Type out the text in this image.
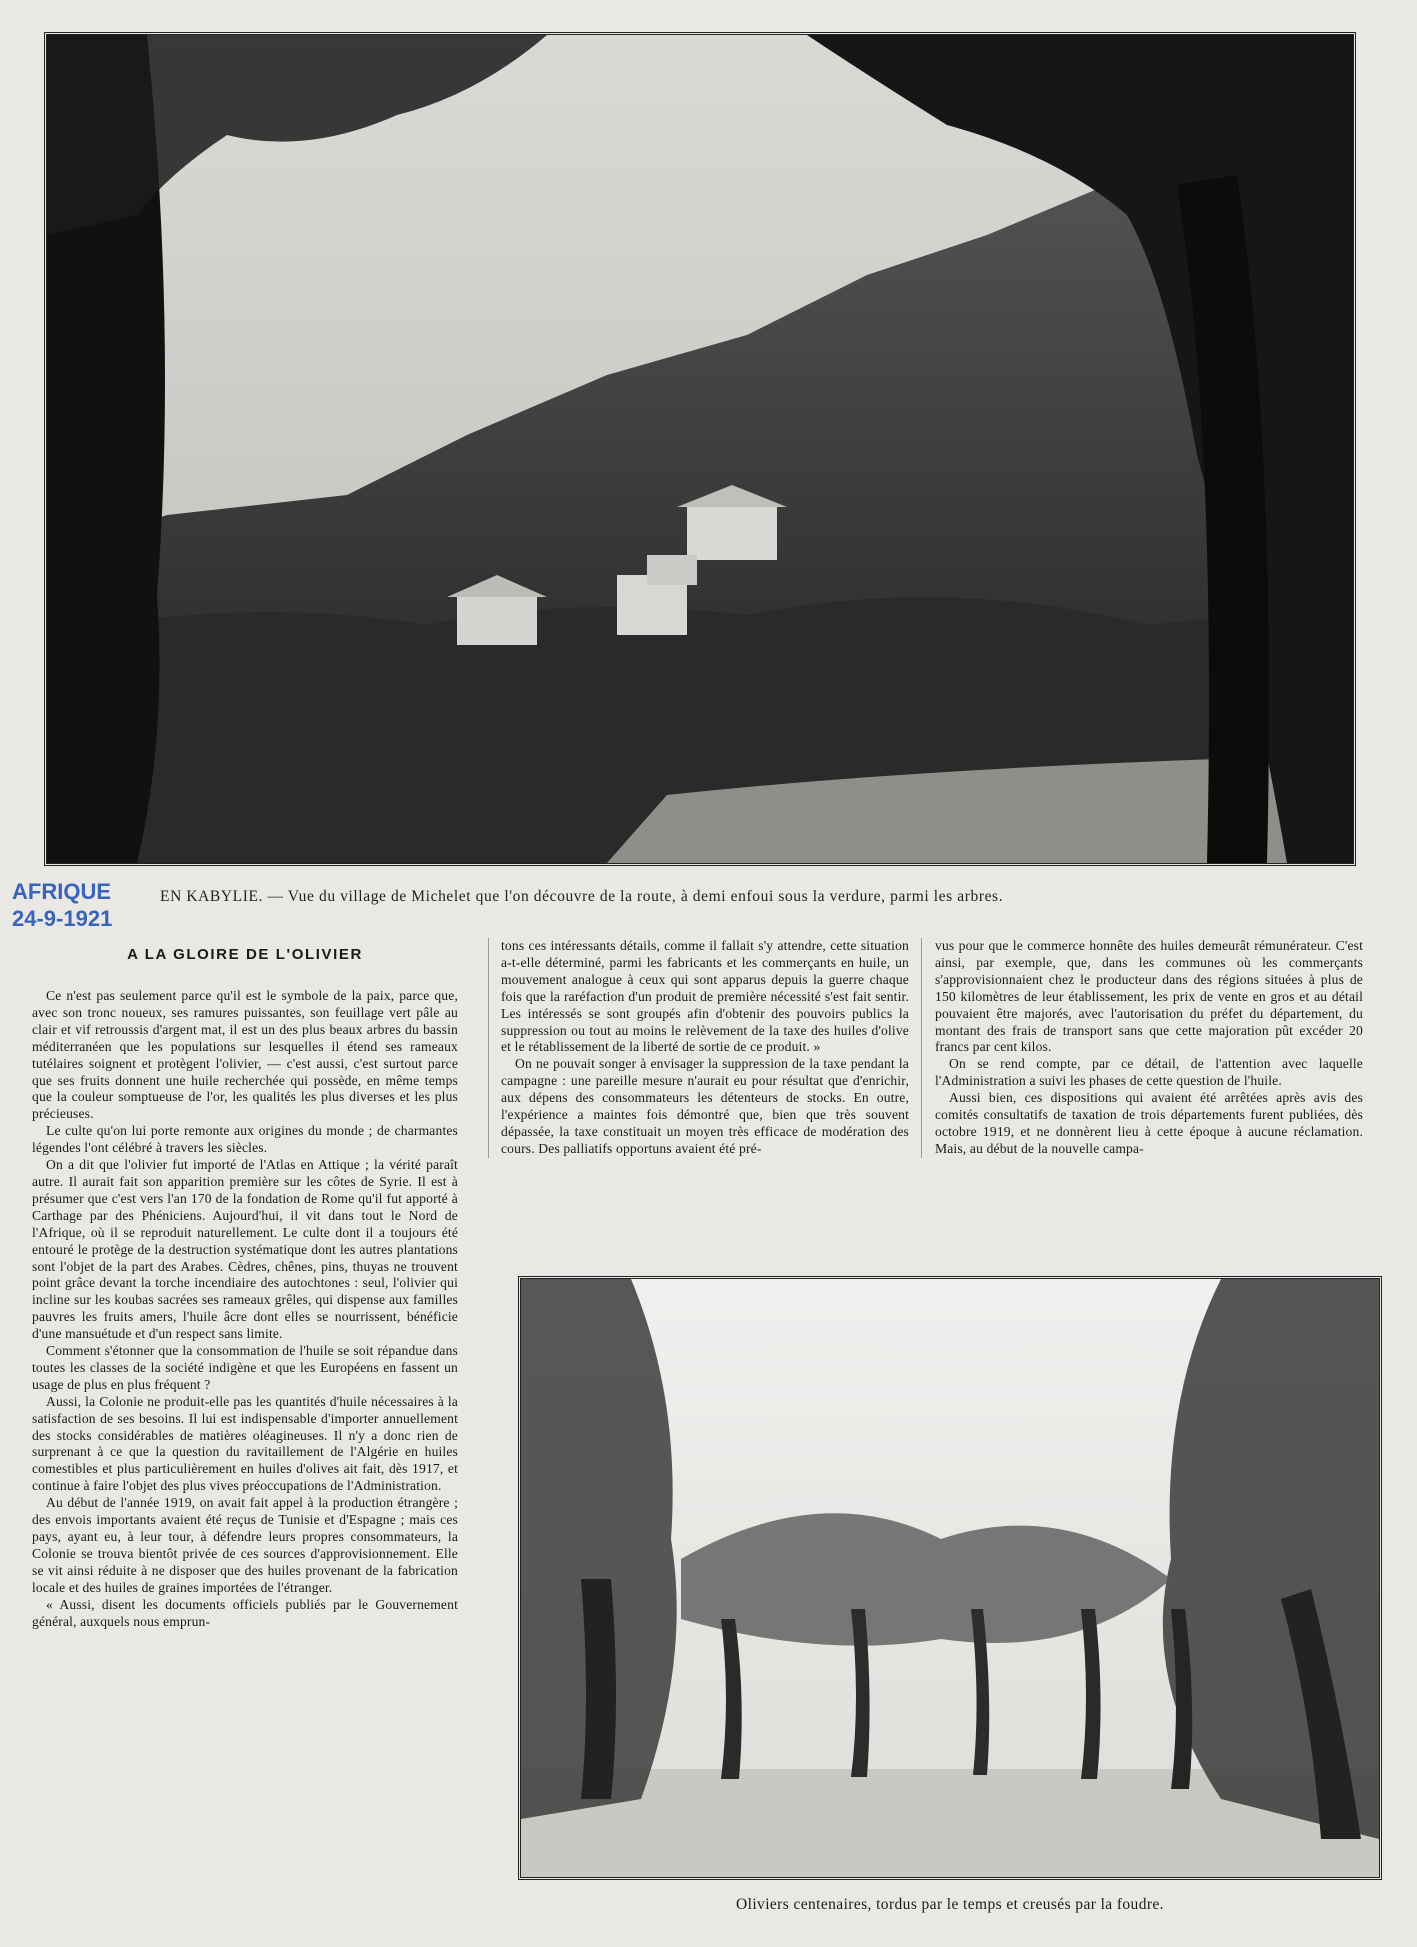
AFRIQUE
24-9-1921
EN KABYLIE. — Vue du village de Michelet que l'on découvre de la route, à demi enfoui sous la verdure, parmi les arbres.
A LA GLOIRE DE L'OLIVIER

Ce n'est pas seulement parce qu'il est le symbole de la paix, parce que, avec son tronc noueux, ses ramures puissantes, son feuillage vert pâle au clair et vif retroussis d'argent mat, il est un des plus beaux arbres du bassin méditerranéen que les populations sur lesquelles il étend ses rameaux tutélaires soignent et protègent l'olivier, — c'est aussi, c'est surtout parce que ses fruits donnent une huile recherchée qui possède, en même temps que la couleur somptueuse de l'or, les qualités les plus diverses et les plus précieuses.

Le culte qu'on lui porte remonte aux origines du monde ; de charmantes légendes l'ont célébré à travers les siècles.

On a dit que l'olivier fut importé de l'Atlas en Attique ; la vérité paraît autre. Il aurait fait son apparition première sur les côtes de Syrie. Il est à présumer que c'est vers l'an 170 de la fondation de Rome qu'il fut apporté à Carthage par des Phéniciens. Aujourd'hui, il vit dans tout le Nord de l'Afrique, où il se reproduit naturellement. Le culte dont il a toujours été entouré le protège de la destruction systématique dont les autres plantations sont l'objet de la part des Arabes. Cèdres, chênes, pins, thuyas ne trouvent point grâce devant la torche incendiaire des autochtones : seul, l'olivier qui incline sur les koubas sacrées ses rameaux grêles, qui dispense aux familles pauvres les fruits amers, l'huile âcre dont elles se nourrissent, bénéficie d'une mansuétude et d'un respect sans limite.

Comment s'étonner que la consommation de l'huile se soit répandue dans toutes les classes de la société indigène et que les Européens en fassent un usage de plus en plus fréquent ?

Aussi, la Colonie ne produit-elle pas les quantités d'huile nécessaires à la satisfaction de ses besoins. Il lui est indispensable d'importer annuellement des stocks considérables de matières oléagineuses. Il n'y a donc rien de surprenant à ce que la question du ravitaillement de l'Algérie en huiles comestibles et plus particulièrement en huiles d'olives ait fait, dès 1917, et continue à faire l'objet des plus vives préoccupations de l'Administration.

Au début de l'année 1919, on avait fait appel à la production étrangère ; des envois importants avaient été reçus de Tunisie et d'Espagne ; mais ces pays, ayant eu, à leur tour, à défendre leurs propres consommateurs, la Colonie se trouva bientôt privée de ces sources d'approvisionnement. Elle se vit ainsi réduite à ne disposer que des huiles provenant de la fabrication locale et des huiles de graines importées de l'étranger.

« Aussi, disent les documents officiels publiés par le Gouvernement général, auxquels nous emprun-

tons ces intéressants détails, comme il fallait s'y attendre, cette situation a-t-elle déterminé, parmi les fabricants et les commerçants en huile, un mouvement analogue à ceux qui sont apparus depuis la guerre chaque fois que la raréfaction d'un produit de première nécessité s'est fait sentir. Les intéressés se sont groupés afin d'obtenir des pouvoirs publics la suppression ou tout au moins le relèvement de la taxe des huiles d'olive et le rétablissement de la liberté de sortie de ce produit. »

On ne pouvait songer à envisager la suppression de la taxe pendant la campagne : une pareille mesure n'aurait eu pour résultat que d'enrichir, aux dépens des consommateurs les détenteurs de stocks. En outre, l'expérience a maintes fois démontré que, bien que très souvent dépassée, la taxe constituait un moyen très efficace de modération des cours. Des palliatifs opportuns avaient été pré-

vus pour que le commerce honnête des huiles demeurât rémunérateur. C'est ainsi, par exemple, que, dans les communes où les commerçants s'approvisionnaient chez le producteur dans des régions situées à plus de 150 kilomètres de leur établissement, les prix de vente en gros et au détail pouvaient être majorés, avec l'autorisation du préfet du département, du montant des frais de transport sans que cette majoration pût excéder 20 francs par cent kilos.

On se rend compte, par ce détail, de l'attention avec laquelle l'Administration a suivi les phases de cette question de l'huile.

Aussi bien, ces dispositions qui avaient été arrêtées après avis des comités consultatifs de taxation de trois départements furent publiées, dès octobre 1919, et ne donnèrent lieu à cette époque à aucune réclamation. Mais, au début de la nouvelle campa-

Oliviers centenaires, tordus par le temps et creusés par la foudre.
